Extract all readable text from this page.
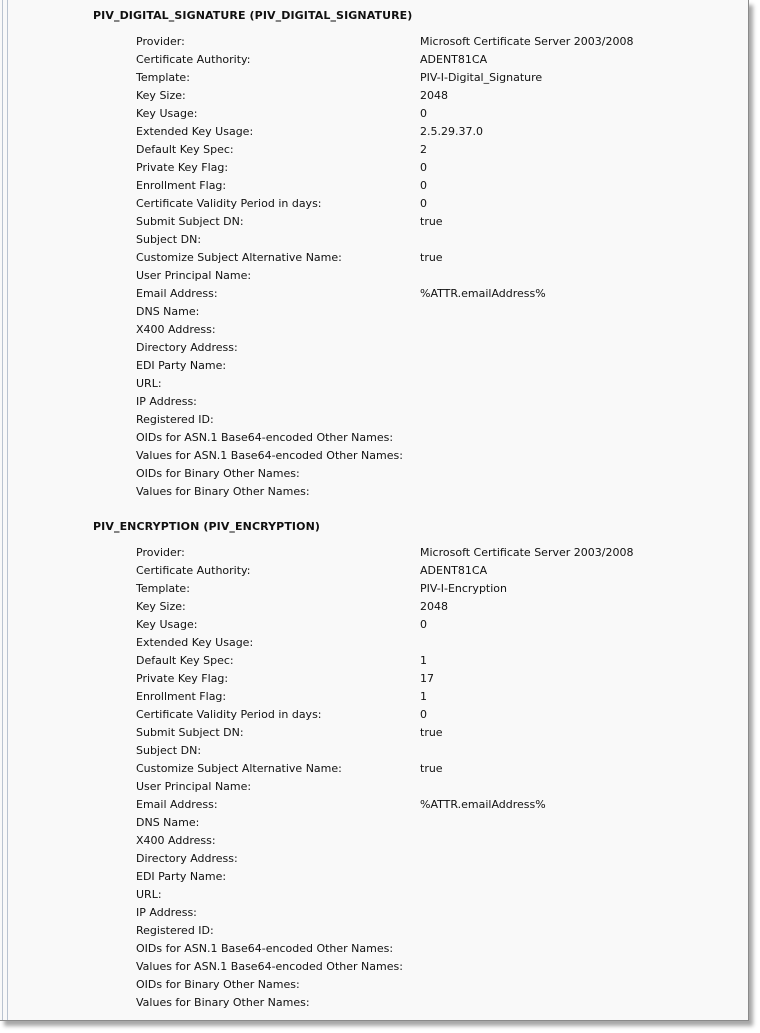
PIV_DIGITAL_SIGNATURE (PIV_DIGITAL_SIGNATURE)
Provider:	Microsoft Certificate Server 2003/2008
Certificate Authority:	ADENT81CA
Template:	PIV-I-Digital_Signature
Key Size:	2048
Key Usage:	0
Extended Key Usage:	2.5.29.37.0
Default Key Spec:	2
Private Key Flag:	0
Enrollment Flag:	0
Certificate Validity Period in days:	0
Submit Subject DN:	true
Subject DN:
Customize Subject Alternative Name:	true
User Principal Name:
Email Address:	%ATTR.emailAddress%
DNS Name:
X400 Address:
Directory Address:
EDI Party Name:
URL:
IP Address:
Registered ID:
OIDs for ASN.1 Base64-encoded Other Names:
Values for ASN.1 Base64-encoded Other Names:
OIDs for Binary Other Names:
Values for Binary Other Names:
PIV_ENCRYPTION (PIV_ENCRYPTION)
Provider:	Microsoft Certificate Server 2003/2008
Certificate Authority:	ADENT81CA
Template:	PIV-I-Encryption
Key Size:	2048
Key Usage:	0
Extended Key Usage:
Default Key Spec:	1
Private Key Flag:	17
Enrollment Flag:	1
Certificate Validity Period in days:	0
Submit Subject DN:	true
Subject DN:
Customize Subject Alternative Name:	true
User Principal Name:
Email Address:	%ATTR.emailAddress%
DNS Name:
X400 Address:
Directory Address:
EDI Party Name:
URL:
IP Address:
Registered ID:
OIDs for ASN.1 Base64-encoded Other Names:
Values for ASN.1 Base64-encoded Other Names:
OIDs for Binary Other Names:
Values for Binary Other Names:
